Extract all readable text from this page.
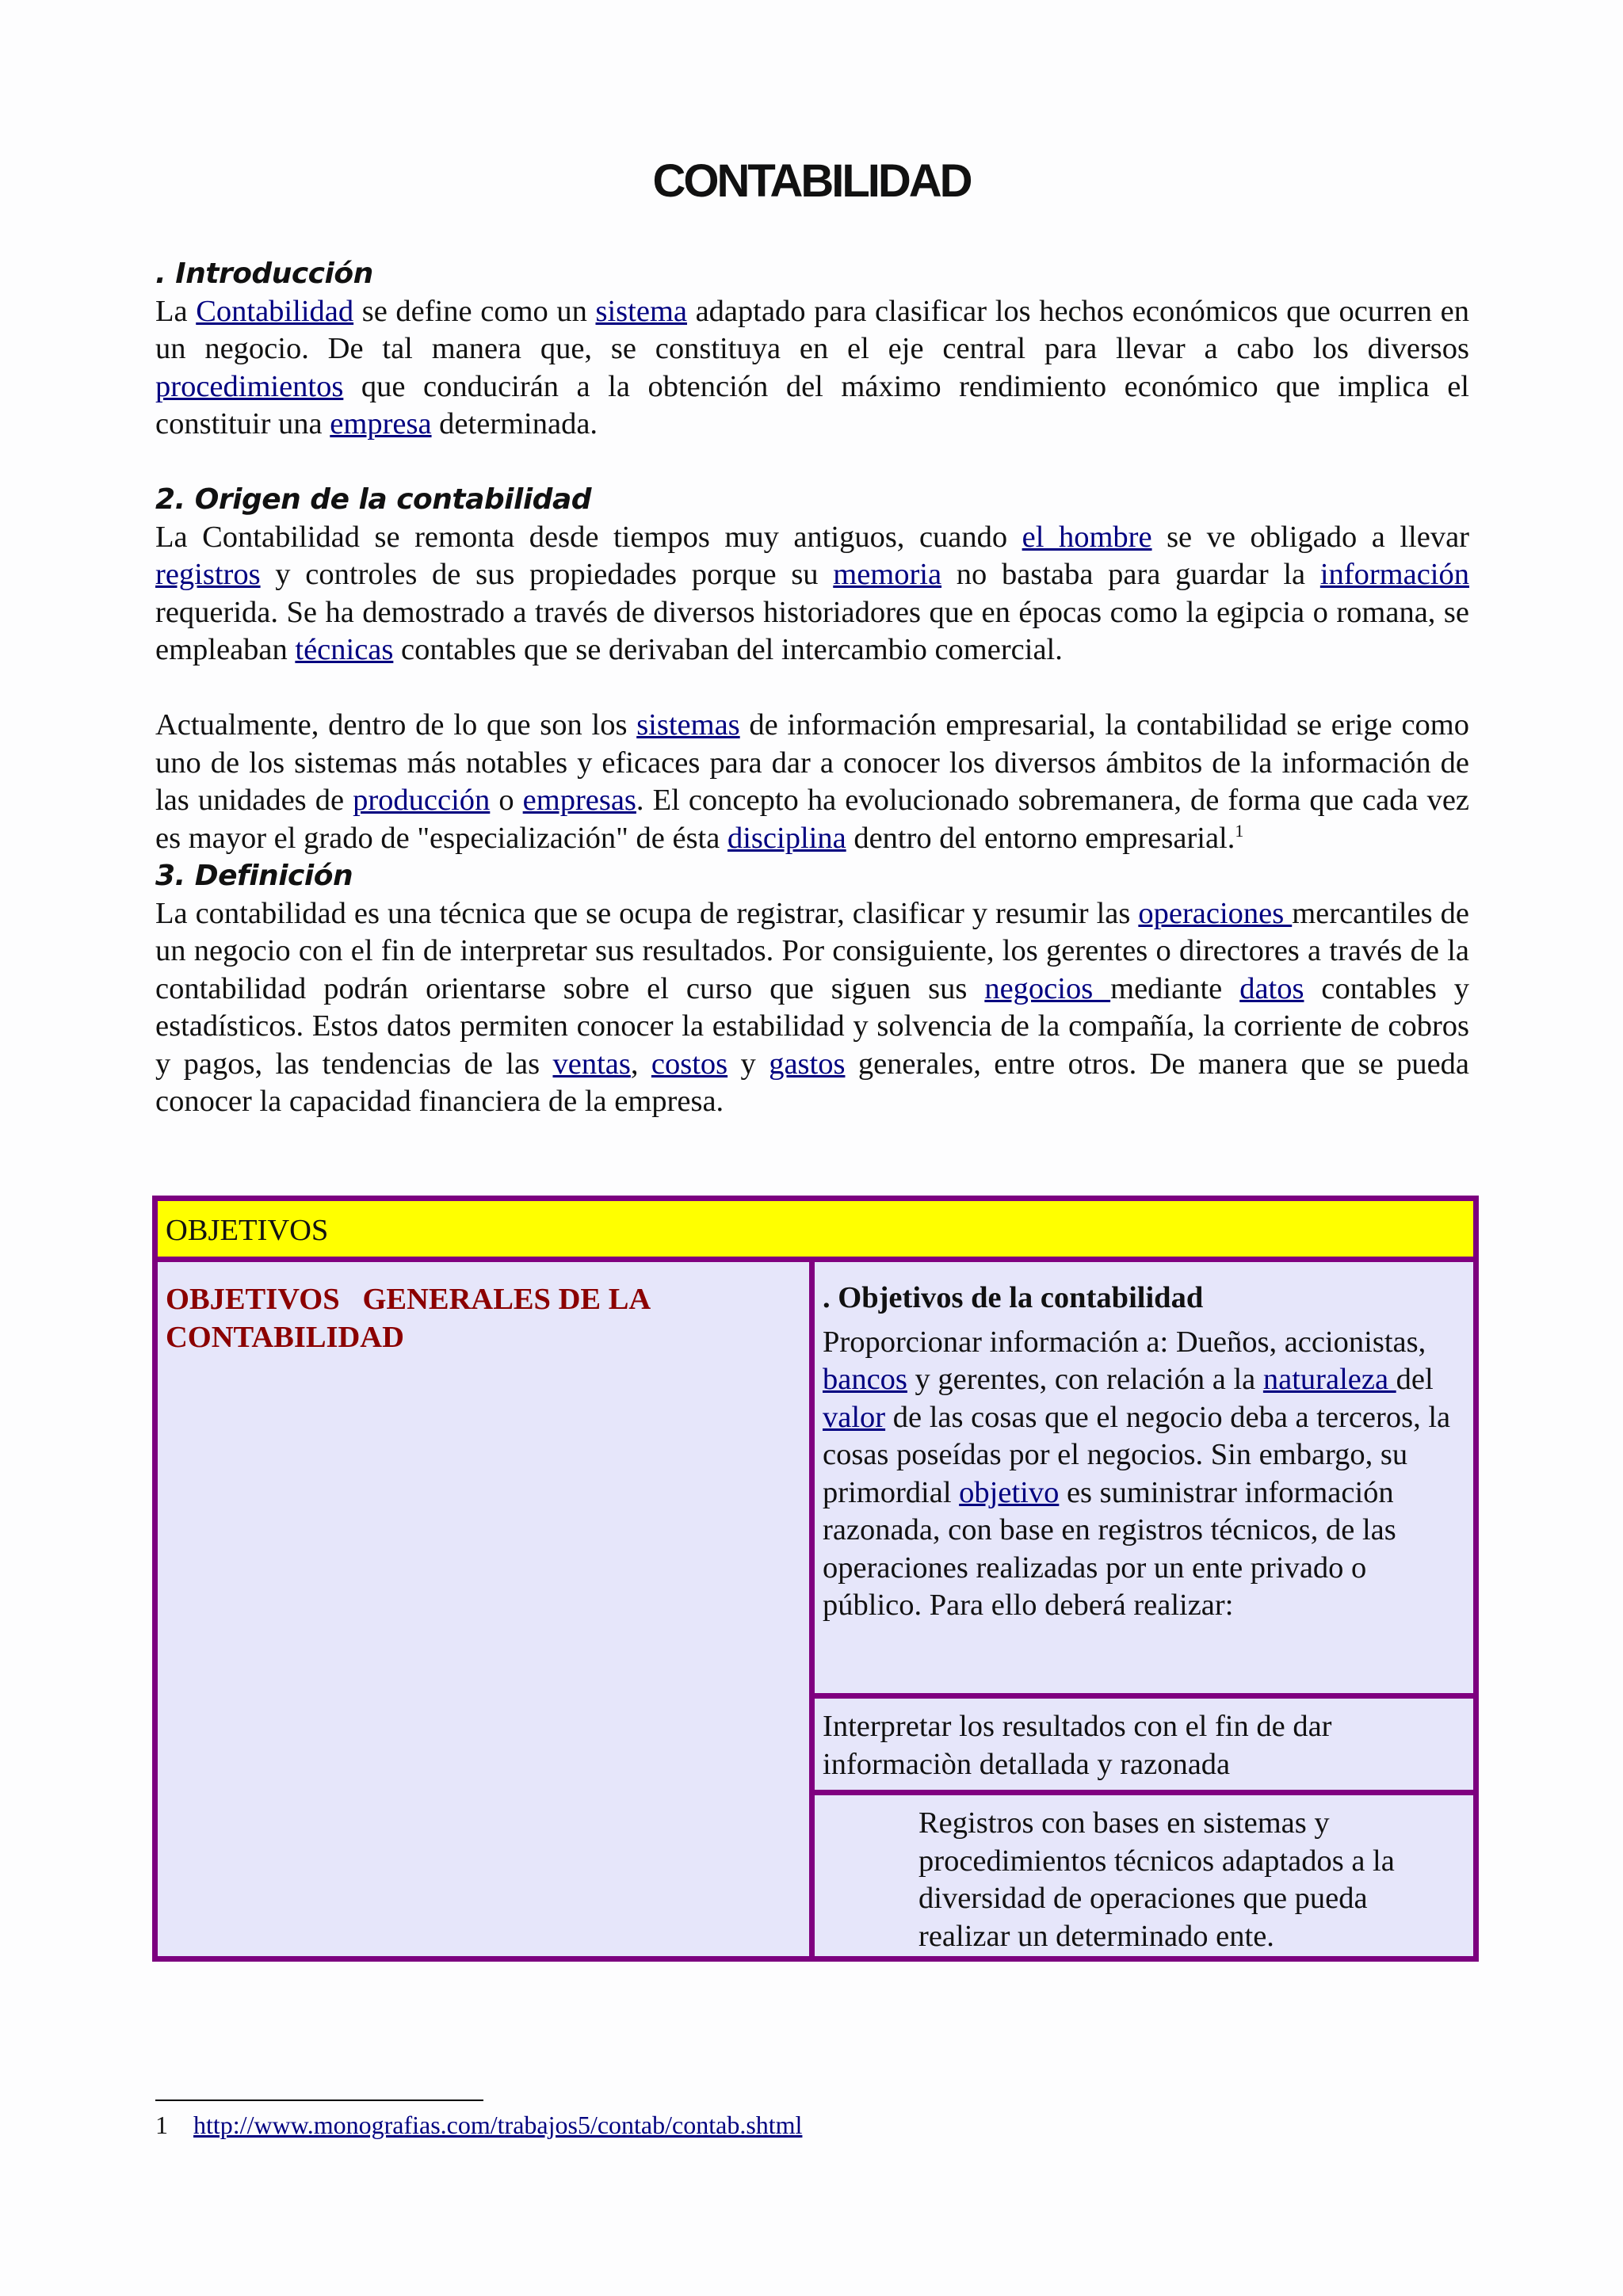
CONTABILIDAD
. Introducción

La Contabilidad se define como un sistema adaptado para clasificar los hechos económicos que ocurren en un negocio. De tal manera que, se constituya en el eje central para llevar a cabo los diversos procedimientos que conducirán a la obtención del máximo rendimiento económico que implica el constituir una empresa determinada.

2. Origen de la contabilidad

La Contabilidad se remonta desde tiempos muy antiguos, cuando el hombre se ve obligado a llevar registros y controles de sus propiedades porque su memoria no bastaba para guardar la información requerida. Se ha demostrado a través de diversos historiadores que en épocas como la egipcia o romana, se empleaban técnicas contables que se derivaban del intercambio comercial.

Actualmente, dentro de lo que son los sistemas de información empresarial, la contabilidad se erige como uno de los sistemas más notables y eficaces para dar a conocer los diversos ámbitos de la información de las unidades de producción o empresas. El concepto ha evolucionado sobremanera, de forma que cada vez es mayor el grado de "especialización" de ésta disciplina dentro del entorno empresarial.$^1$

3. Definición

La contabilidad es una técnica que se ocupa de registrar, clasificar y resumir las operaciones mercantiles de un negocio con el fin de interpretar sus resultados. Por consiguiente, los gerentes o directores a través de la contabilidad podrán orientarse sobre el curso que siguen sus negocios mediante datos contables y estadísticos. Estos datos permiten conocer la estabilidad y solvencia de la compañía, la corriente de cobros y pagos, las tendencias de las ventas, costos y gastos generales, entre otros. De manera que se pueda conocer la capacidad financiera de la empresa.

OBJETIVOS
OBJETIVOS   GENERALES DE LA CONTABILIDAD
. Objetivos de la contabilidad
Proporcionar información a: Dueños, accionistas, bancos y gerentes, con relación a la naturaleza del valor de las cosas que el negocio deba a terceros, la cosas poseídas por el negocios. Sin embargo, su primordial objetivo es suministrar información razonada, con base en registros técnicos, de las operaciones realizadas por un ente privado o público. Para ello deberá realizar:
Interpretar los resultados con el fin de dar informaciòn detallada y razonada
Registros con bases en sistemas y procedimientos técnicos adaptados a la diversidad de operaciones que pueda realizar un determinado ente.
1 http://www.monografias.com/trabajos5/contab/contab.shtml
